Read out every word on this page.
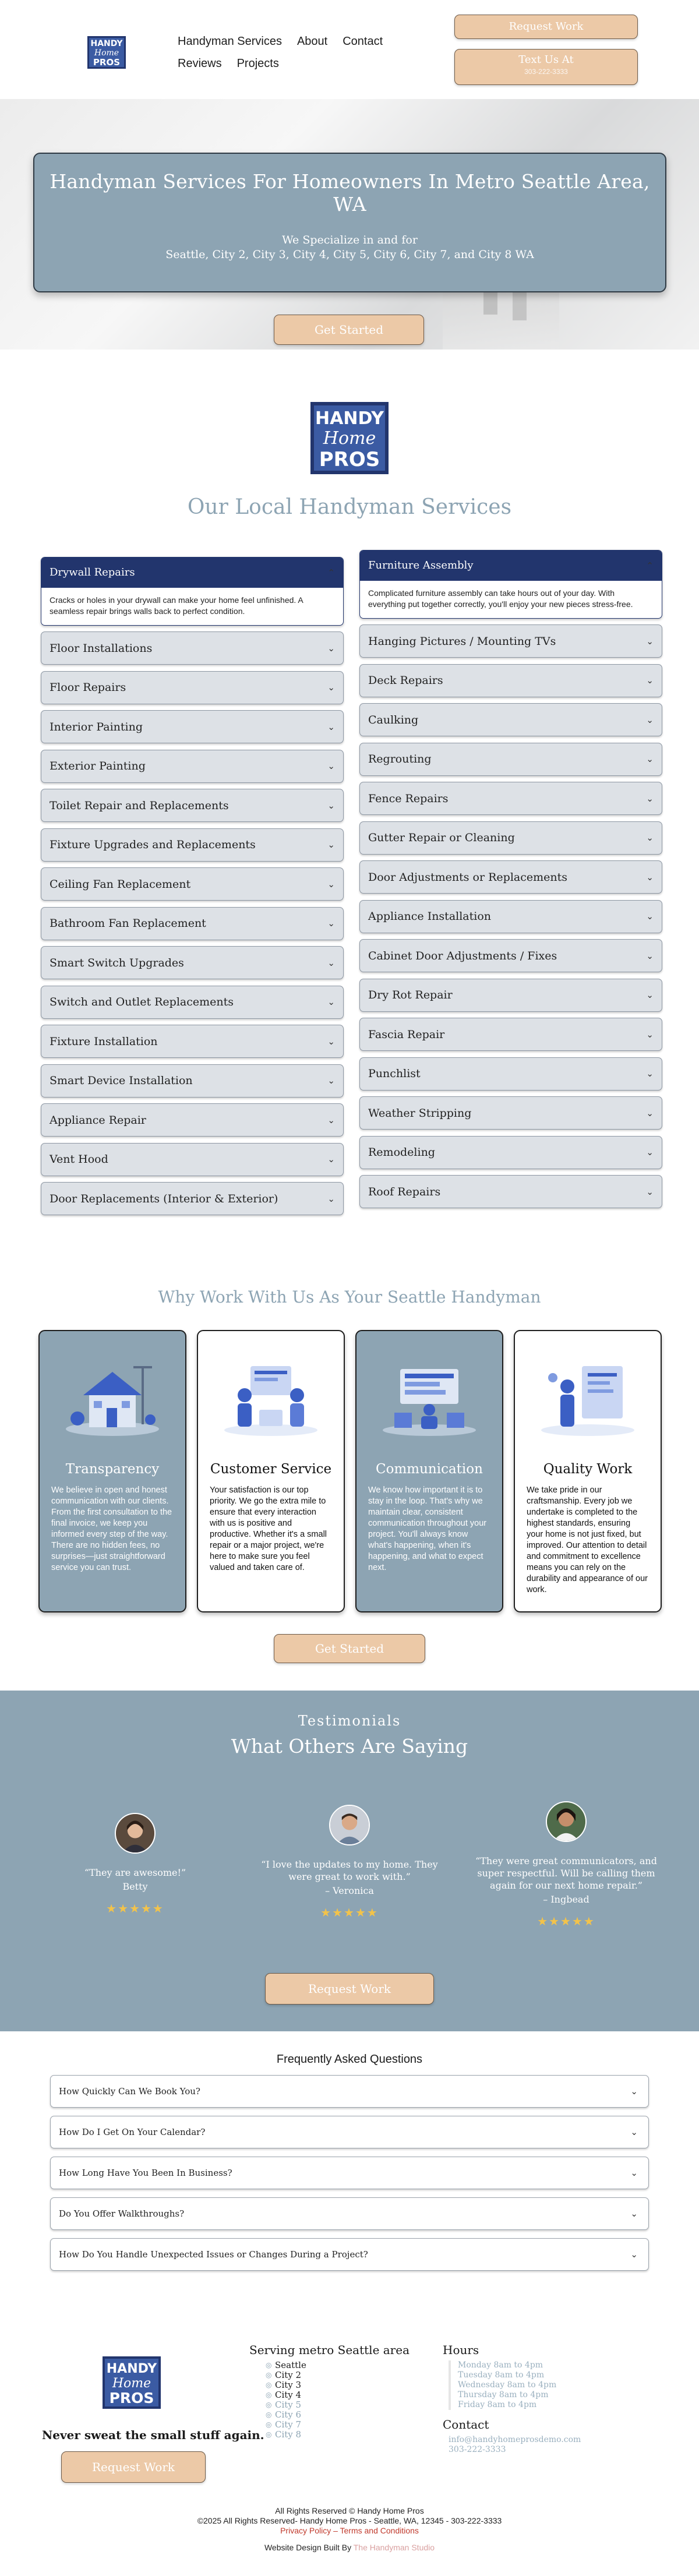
HANDY
Home
PROS
Handyman Services About Contact
Reviews Projects
Request Work
Text Us At
303-222-3333
Handyman Services For Homeowners In Metro Seattle Area, WA
We Specialize in and for
Seattle, City 2, City 3, City 4, City 5, City 6, City 7, and City 8 WA
Get Started
HANDY
Home
PROS
Our Local Handyman Services
Drywall Repairs	⌃
Cracks or holes in your drywall can make your home feel unfinished. A seamless repair brings walls back to perfect condition.
Floor Installations	⌄
Floor Repairs	⌄
Interior Painting	⌄
Exterior Painting	⌄
Toilet Repair and Replacements	⌄
Fixture Upgrades and Replacements	⌄
Ceiling Fan Replacement	⌄
Bathroom Fan Replacement	⌄
Smart Switch Upgrades	⌄
Switch and Outlet Replacements	⌄
Fixture Installation	⌄
Smart Device Installation	⌄
Appliance Repair	⌄
Vent Hood	⌄
Door Replacements (Interior & Exterior)	⌄
Furniture Assembly	⌃
Complicated furniture assembly can take hours out of your day. With everything put together correctly, you'll enjoy your new pieces stress-free.
Hanging Pictures / Mounting TVs	⌄
Deck Repairs	⌄
Caulking	⌄
Regrouting	⌄
Fence Repairs	⌄
Gutter Repair or Cleaning	⌄
Door Adjustments or Replacements	⌄
Appliance Installation	⌄
Cabinet Door Adjustments / Fixes	⌄
Dry Rot Repair	⌄
Fascia Repair	⌄
Punchlist	⌄
Weather Stripping	⌄
Remodeling	⌄
Roof Repairs	⌄
Why Work With Us As Your Seattle Handyman
Transparency

We believe in open and honest communication with our clients. From the first consultation to the final invoice, we keep you informed every step of the way. There are no hidden fees, no surprises—just straightforward service you can trust.

Customer Service

Your satisfaction is our top priority. We go the extra mile to ensure that every interaction with us is positive and productive. Whether it's a small repair or a major project, we're here to make sure you feel valued and taken care of.

Communication

We know how important it is to stay in the loop. That's why we maintain clear, consistent communication throughout your project. You'll always know what's happening, when it's happening, and what to expect next.

Quality Work

We take pride in our craftsmanship. Every job we undertake is completed to the highest standards, ensuring your home is not just fixed, but improved. Our attention to detail and commitment to excellence means you can rely on the durability and appearance of our work.

Get Started
Testimonials
What Others Are Saying
“They are awesome!”
Betty
★★★★★
“I love the updates to my home. They were great to work with.”
– Veronica
★★★★★
“They were great communicators, and super respectful. Will be calling them again for our next home repair.”
– Ingbead
★★★★★
Request Work
Frequently Asked Questions
How Quickly Can We Book You?	⌄
How Do I Get On Your Calendar?	⌄
How Long Have You Been In Business?	⌄
Do You Offer Walkthroughs?	⌄
How Do You Handle Unexpected Issues or Changes During a Project?	⌄
HANDY
Home
PROS
Never sweat the small stuff again.
Request Work
Serving metro Seattle area
◎ Seattle
◎ City 2
◎ City 3
◎ City 4
◎ City 5
◎ City 6
◎ City 7
◎ City 8
Hours
Monday 8am to 4pm
Tuesday 8am to 4pm
Wednesday 8am to 4pm
Thursday 8am to 4pm
Friday 8am to 4pm
Contact
info@handyhomeprosdemo.com
303-222-3333
All Rights Reserved © Handy Home Pros
©2025 All Rights Reserved- Handy Home Pros - Seattle, WA, 12345 - 303-222-3333
Privacy Policy – Terms and Conditions
Website Design Built By The Handyman Studio
